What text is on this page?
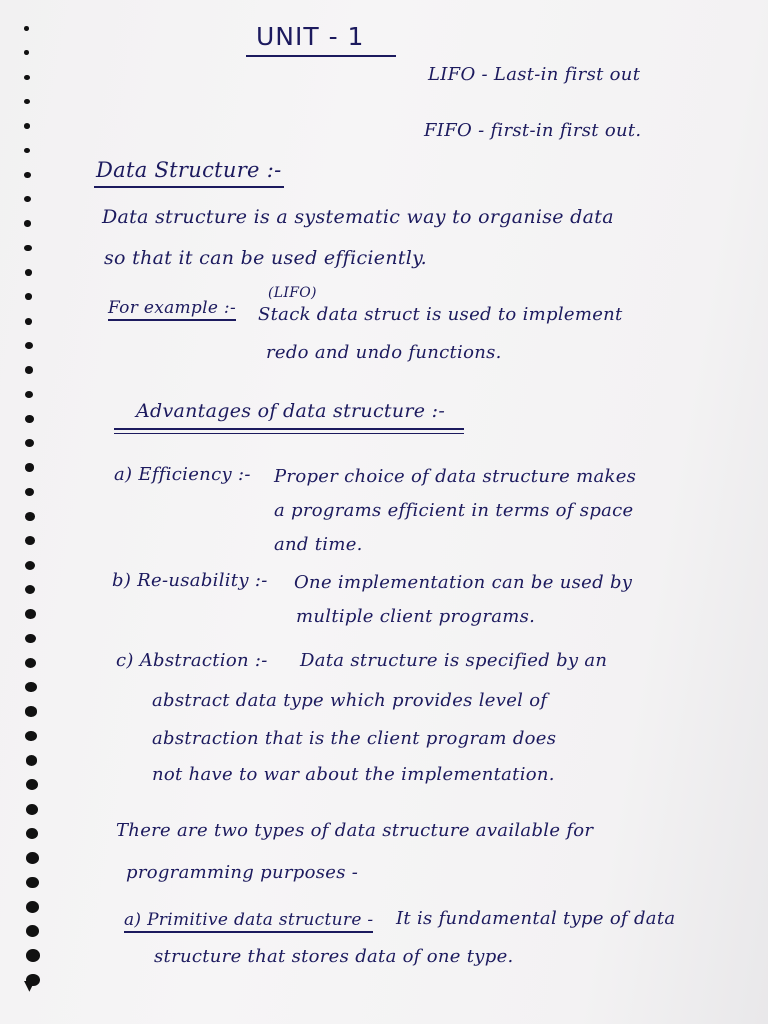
UNIT - 1
LIFO - Last-in first out
FIFO - first-in first out.
Data Structure :-
Data structure is a systematic way to organise data
so that it can be used efficiently.
(LIFO)
For example :- Stack data struct is used to implement
redo and undo functions.
Advantages of data structure :-
a) Efficiency :- Proper choice of data structure makes
a programs efficient in terms of space
and time.
b) Re-usability :- One implementation can be used by
multiple client programs.
c) Abstraction :- Data structure is specified by an
abstract data type which provides level of
abstraction that is the client program does
not have to war about the implementation.
There are two types of data structure available for
programming purposes -
a) Primitive data structure - It is fundamental type of data
structure that stores data of one type.
▼
